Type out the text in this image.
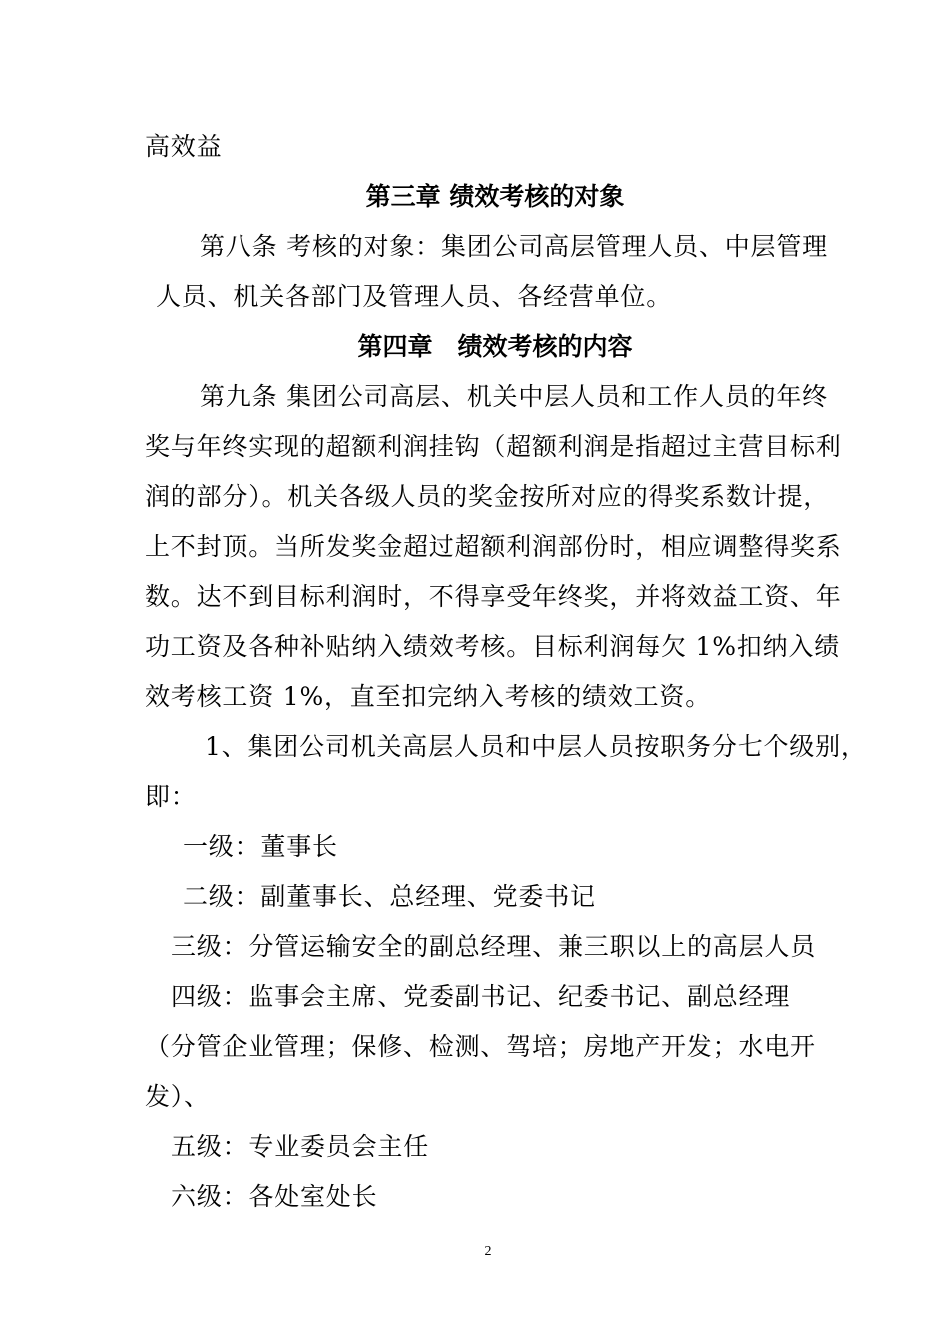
高效益
第三章 绩效考核的对象
第八条 考核的对象：集团公司高层管理人员、中层管理
人员、机关各部门及管理人员、各经营单位。
第四章　绩效考核的内容
第九条 集团公司高层、机关中层人员和工作人员的年终
奖与年终实现的超额利润挂钩（超额利润是指超过主营目标利
润的部分）。机关各级人员的奖金按所对应的得奖系数计提，
上不封顶。当所发奖金超过超额利润部份时，相应调整得奖系
数。达不到目标利润时，不得享受年终奖，并将效益工资、年
功工资及各种补贴纳入绩效考核。目标利润每欠 1%扣纳入绩
效考核工资 1%，直至扣完纳入考核的绩效工资。
1、集团公司机关高层人员和中层人员按职务分七个级别，
即：
一级：董事长
二级：副董事长、总经理、党委书记
三级：分管运输安全的副总经理、兼三职以上的高层人员
四级：监事会主席、党委副书记、纪委书记、副总经理
（分管企业管理；保修、检测、驾培；房地产开发；水电开
发）、
五级：专业委员会主任
六级：各处室处长
2
